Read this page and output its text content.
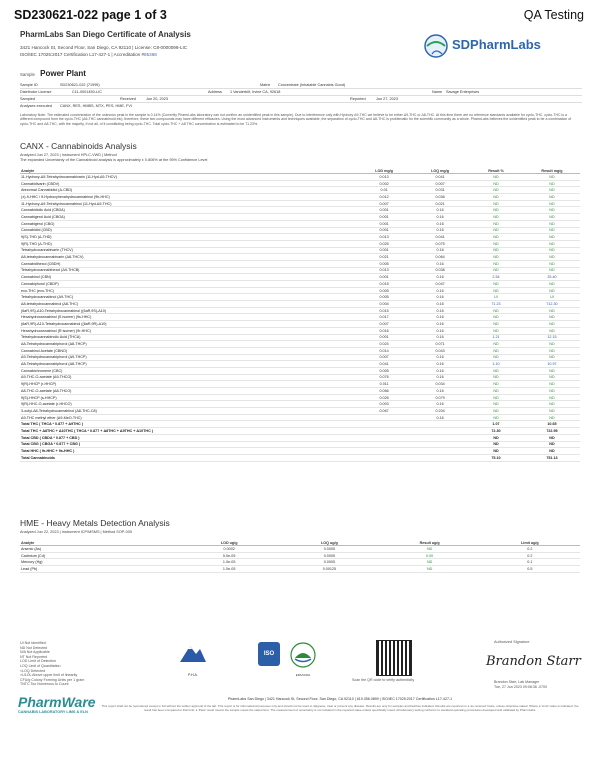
SD230621-022 page 1 of 3	QA Testing
PharmLabs San Diego Certificate of Analysis
3421 Hancock St, Second Floor, San Diego, CA 92110 | License: C8-0000098-LIC
ISO/IEC 17025:2017 Certification L17-427-1 | Accreditation #85368
SDPharmLabs
Sample Power Plant
Sample ID	SD230621-022 (71995)	Matrix Concentrate (Inhalable Cannabis Good)
Distributor License	C11-0001450-LIC	Address 1 Vanderbilt, Irvine CA, 92618	Name Savage Enterprises
Sampled	Received	Jun 20, 2023	Reported	Jun 27, 2023
Analyses executed CANX, RES, HMBS, MTX, PES, HME, FVI
Laboratory Note: The estimated concentration of the unknown peak in the sample is 0.14% (Currently PharmLabs laboratory can not confirm an unidentified peak in this sample). Due to interference only with Hydroxy Δ9-THC we believe to be either Δ9-THC or Δ8-THC. At this time there are no reference standards available for cyclo-THC. cyclo-THC is a different compound from the cyclo-THC (Δ6-THC cannabinoid etc); therefore, these two compounds may have different efficacies. Using the most advanced instruments and techniques available, the separation of cyclo-THC and Δ8-THC is problematic for the scientific community as a whole. PharmLabs believes the unidentified peak to be a combination of cyclo-THC and Δ8-THC, with the majority, if not all, of it constituting being cyclo-THC. Total cyclo-THC + Δ8 THC concentration is estimated to be 71.23%.
CANX - Cannabinoids Analysis
Analyzed Jun 27, 2023 | Instrument HPLC-VWD | Method
The expanded Uncertainty of the Cannabinoid analysis is approximately ± 0.806% at the 95% Confidence Level
Analyte	LOD mg/g	LOQ mg/g	Result %	Result mg/g
11-Hydroxy-Δ9-Tetrahydrocannabivarin (11-Hyd-Δ9-THCV)	0.013	0.041	ND	ND
Cannabidivarin (CBDV)	0.002	0.007	ND	ND
Abnormal Cannabidiol (Δ-CBD)	0.01	0.031	ND	ND
(±)-9-HHC / 9-Hydroxyhexahydrocannabinol (9b-HHC)	0.012	0.036	ND	ND
11-Hydroxy-Δ9-Tetrahydrocannabinol (11-Hyd-Δ9-THC)	0.007	0.021	ND	ND
Cannabidiolic Acid (CBDA)	0.001	0.16	ND	ND
Cannabigerol Acid (CBGA)	0.001	0.16	ND	ND
Cannabigerol (CBG)	0.001	0.16	ND	ND
Cannabidiol (CBD)	0.001	0.16	ND	ND
9(S)-THD (Δ-THD)	0.013	0.041	ND	ND
9(R)-THD (Δ-THD)	0.025	0.075	ND	ND
Tetrahydrocannabivarin (THCV)	0.001	0.16	ND	ND
Δ8-tetrahydrocannabivarin (Δ8-THCV)	0.021	0.064	ND	ND
Cannabidihexol (CBDH)	0.005	0.16	ND	ND
Tetrahydrocannabihexol (Δ9-THCB)	0.013	0.038	ND	ND
Cannabinol (CBN)	0.001	0.16	2.54	25.40
Cannabiphorol (CBDP)	0.015	0.047	ND	ND
exo-THC (exo-THC)	0.005	0.16	ND	ND
Tetrahydrocannabinol (Δ9-THC)	0.005	0.16	UI	UI
Δ8-tetrahydrocannabinol (Δ8-THC)	0.004	0.16	71.23	712.30
(6aR,9S)-Δ10-Tetrahydrocannabinol ((6aR,9S)-Δ10)	0.015	0.16	ND	ND
Hexahydrocannabinol (S isomer) (9s-HHC)	0.017	0.16	ND	ND
(6aR,9R)-Δ10-Tetrahydrocannabinol ((6aR,9R)-Δ10)	0.007	0.16	ND	ND
Hexahydrocannabinol (R isomer) (9r-HHC)	0.016	0.16	ND	ND
Tetrahydrocannabinolic Acid (THCA)	0.001	0.16	1.21	12.15
Δ8-Tetrahydrocannabiphorol (Δ8-THCP)	0.024	0.071	ND	ND
Cannabinol Acetate (CBNO)	0.014	0.043	ND	ND
Δ9-Tetrahydrocannabiphorol (Δ9-THCP)	0.007	0.16	ND	ND
Δ8-Tetrahydrocannabiphorol (Δ8-THCP)	0.041	0.16	1.10	10.97
Cannabichromene (CBC)	0.005	0.16	ND	ND
Δ9-THC-O-acetate (Δ9-THCO)	0.076	0.16	ND	ND
9(R)-HHCP (r-HHCP)	0.011	0.034	ND	ND
Δ8-THC-O-acetate (Δ8-THCO)	0.066	0.16	ND	ND
9(S)-HHCP (s-HHCP)	0.026	0.079	ND	ND
9(R)-HHC-O-acetate (r-HHCO)	0.003	0.16	ND	ND
3-octyl-Δ8-Tetrahydrocannabinol (Δ8-THC-C8)	0.067	0.204	ND	ND
Δ9-THC methyl ether (Δ9-MeO-THC)		0.16	ND	ND
Total THC ( THCA * 0.877 + Δ9THC )			1.07	10.65
Total THC + Δ8THC + Δ10THC ( THCA * 0.877 + Δ8THC + Δ9THC + Δ10THC )			72.30	722.95
Total CBD ( CBDA * 0.877 + CBD )			ND	ND
Total CBG ( CBGA * 0.877 + CBG )			ND	ND
Total HHC ( 9r-HHC + 9s-HHC )			ND	ND
Total Cannabinoids			75.10	751.13
HME - Heavy Metals Detection Analysis
Analyzed Jun 22, 2023 | Instrument ICP/MSMS | Method SOP-005
Analyte	LOD ug/g	LOQ ug/g	Result ug/g	Limit ug/g
Arsenic (As)	0.0002	0.0005	ND	0.2
Cadmium (Cd)	5.0e-05	0.0005	0.00	0.2
Mercury (Hg)	1.0e-05	0.0005	ND	0.1
Lead (Pb)	1.0e-05	0.00125	ND	0.5
UI Not Identified
ND Not Detected
N/A Not Applicable
NT Not Reported
LOD Limit of Detection
LOQ Limit of Quantitation
<LOQ Detected
>ULOL Above upper limit of linearity
CFU/g Colony Forming Units per 1 gram
TNTC Too Numerous to Count
PharmWare
CANNABIS LABORATORY LIMS & ELN
P.H.A.
ISO
EPA/CDFA
Scan the QR code to verify authenticity
Authorized Signature
Brandon Starr
Brandon Starr, Lab Manager
Tue, 27 Jun 2023 09:08:36 -0700
PharmLabs San Diego | 3421 Hancock St, Second Floor, San Diego, CA 92110 | 619.356.0899 | ISO/IEC 17025:2017 Certification L17-427-1
This report shall not be reproduced except in full without the written approval of the lab. This report is for informational purposes only and should not be used to diagnose, treat or prevent any disease. Results are only for samples and batches indicated. Results are reported on a 'as received' basis, unless otherwise stated. Where a 'Limit' value is indicated, the result has been compared to that limit; a 'Pass' result means the sample meets the stated limit. The measurement of uncertainty is not included in the reported value unless specifically noted. All laboratory testing conforms to standard operating procedures developed and validated by PharmLabs.
